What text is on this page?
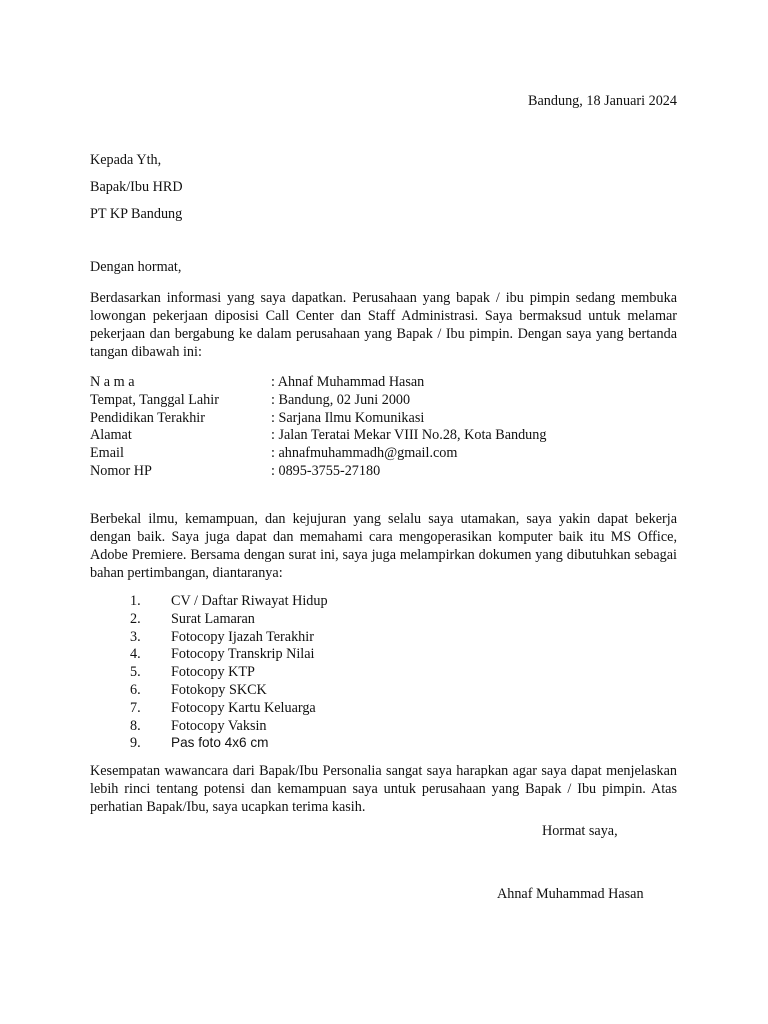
Bandung, 18 Januari 2024
Kepada Yth,
Bapak/Ibu HRD
PT KP Bandung
Dengan hormat,
Berdasarkan informasi yang saya dapatkan. Perusahaan yang bapak / ibu pimpin sedang membuka lowongan pekerjaan diposisi Call Center dan Staff Administrasi. Saya bermaksud untuk melamar pekerjaan dan bergabung ke dalam perusahaan yang Bapak / Ibu pimpin. Dengan saya yang bertanda tangan dibawah ini:
N a m a	: Ahnaf Muhammad Hasan
Tempat, Tanggal Lahir	: Bandung, 02 Juni 2000
Pendidikan Terakhir	: Sarjana Ilmu Komunikasi
Alamat	: Jalan Teratai Mekar VIII No.28, Kota Bandung
Email	: ahnafmuhammadh@gmail.com
Nomor HP	: 0895-3755-27180
Berbekal ilmu, kemampuan, dan kejujuran yang selalu saya utamakan, saya yakin dapat bekerja dengan baik. Saya juga dapat dan memahami cara mengoperasikan komputer baik itu MS Office, Adobe Premiere. Bersama dengan surat ini, saya juga melampirkan dokumen yang dibutuhkan sebagai bahan pertimbangan, diantaranya:
1.	CV / Daftar Riwayat Hidup
2.	Surat Lamaran
3.	Fotocopy Ijazah Terakhir
4.	Fotocopy Transkrip Nilai
5.	Fotocopy KTP
6.	Fotokopy SKCK
7.	Fotocopy Kartu Keluarga
8.	Fotocopy Vaksin
9.	Pas foto 4x6 cm
Kesempatan wawancara dari Bapak/Ibu Personalia sangat saya harapkan agar saya dapat menjelaskan lebih rinci tentang potensi dan kemampuan saya untuk perusahaan yang Bapak / Ibu pimpin. Atas perhatian Bapak/Ibu, saya ucapkan terima kasih.
Hormat saya,
Ahnaf Muhammad Hasan
